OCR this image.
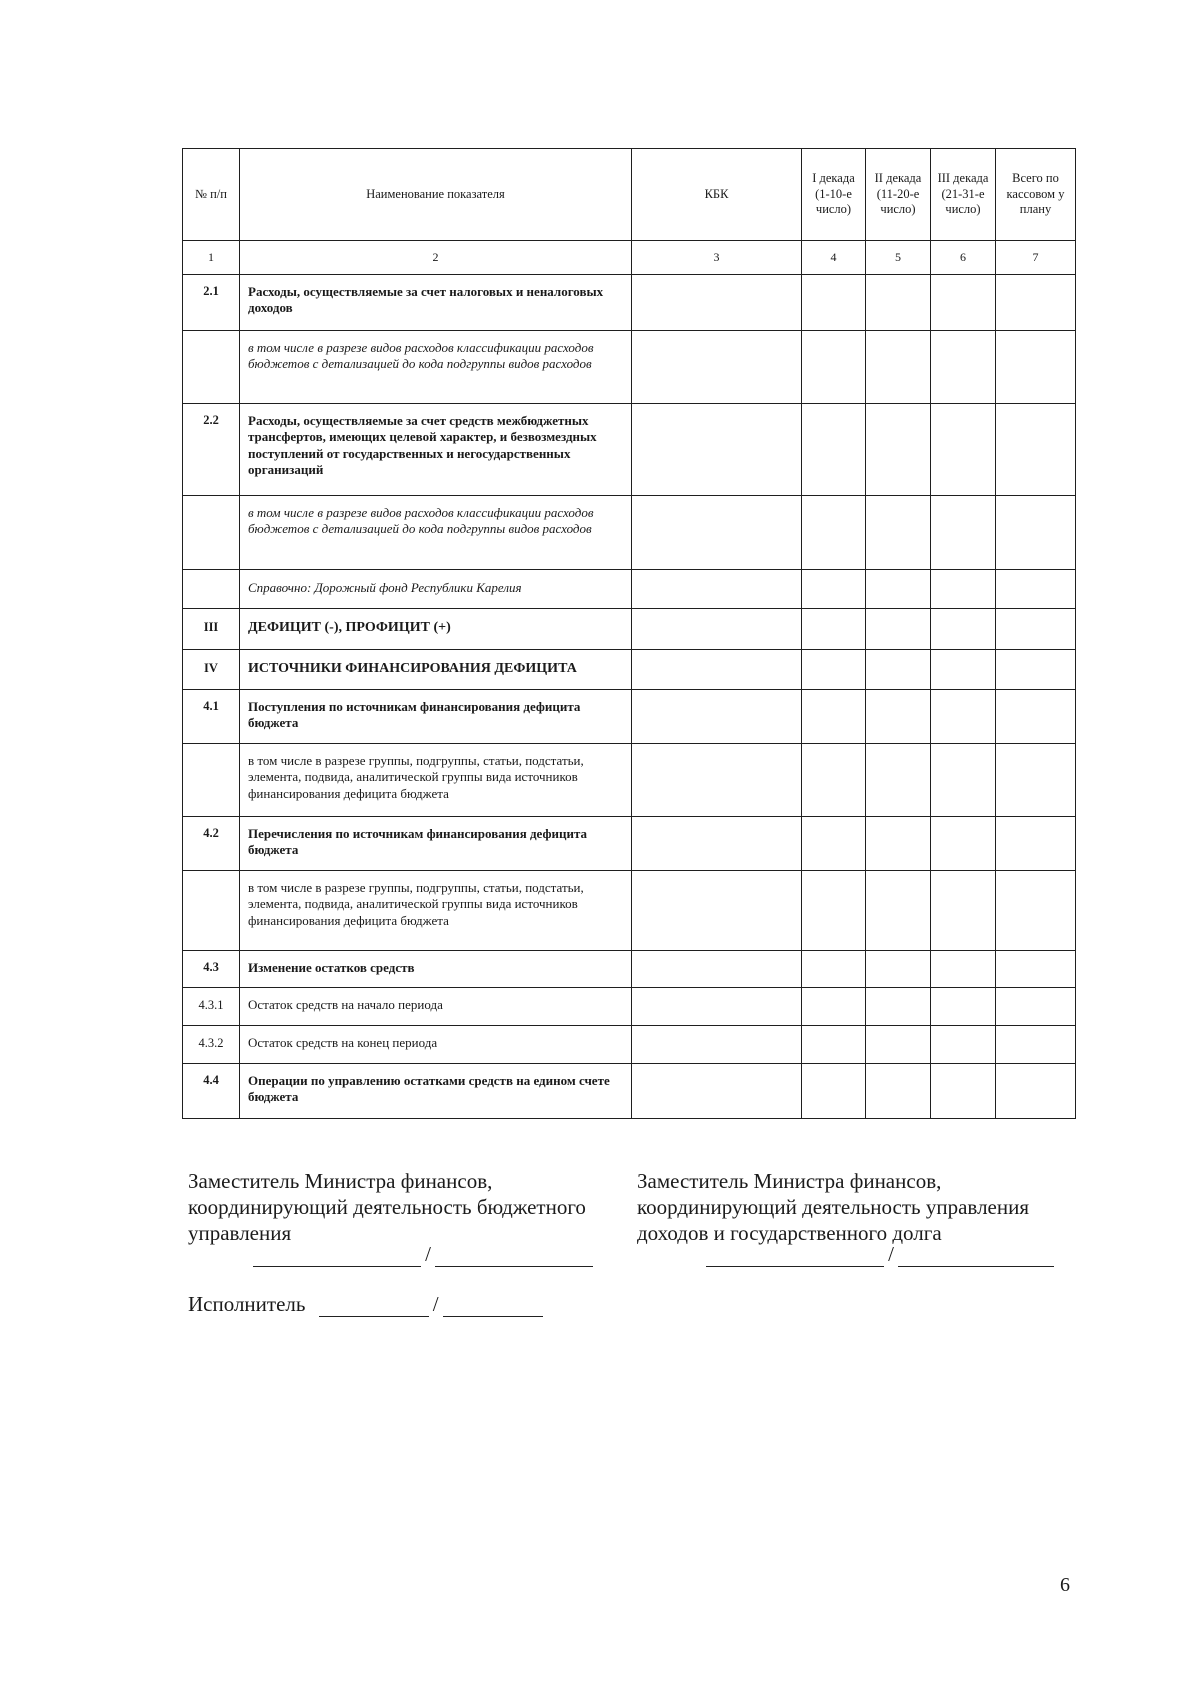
№ п/п	Наименование показателя	КБК	I декада (1-10-е число)	II декада (11-20-е число)	III декада (21-31-е число)	Всего по кассовом у плану
1	2	3	4	5	6	7
2.1	Расходы, осуществляемые за счет налоговых и неналоговых доходов					
	в том числе в разрезе видов расходов классификации расходов бюджетов с детализацией до кода подгруппы видов расходов					
2.2	Расходы, осуществляемые за счет средств межбюджетных трансфертов, имеющих целевой характер, и безвозмездных поступлений от государственных и негосударственных организаций					
	в том числе в разрезе видов расходов классификации расходов бюджетов с детализацией до кода подгруппы видов расходов					
	Справочно: Дорожный фонд Республики Карелия					
III	ДЕФИЦИТ (-), ПРОФИЦИТ (+)					
IV	ИСТОЧНИКИ ФИНАНСИРОВАНИЯ ДЕФИЦИТА					
4.1	Поступления по источникам финансирования дефицита бюджета					
	в том числе в разрезе группы, подгруппы, статьи, подстатьи, элемента, подвида, аналитической группы вида источников финансирования дефицита бюджета					
4.2	Перечисления по источникам финансирования дефицита бюджета					
	в том числе в разрезе группы, подгруппы, статьи, подстатьи, элемента, подвида, аналитической группы вида источников финансирования дефицита бюджета					
4.3	Изменение остатков средств					
4.3.1	Остаток средств на начало периода					
4.3.2	Остаток средств на конец периода					
4.4	Операции по управлению остатками средств на едином счете бюджета					
Заместитель Министра финансов,
координирующий деятельность бюджетного
управления
/
Заместитель Министра финансов,
координирующий деятельность управления
доходов и государственного долга
/
Исполнитель	/
6
